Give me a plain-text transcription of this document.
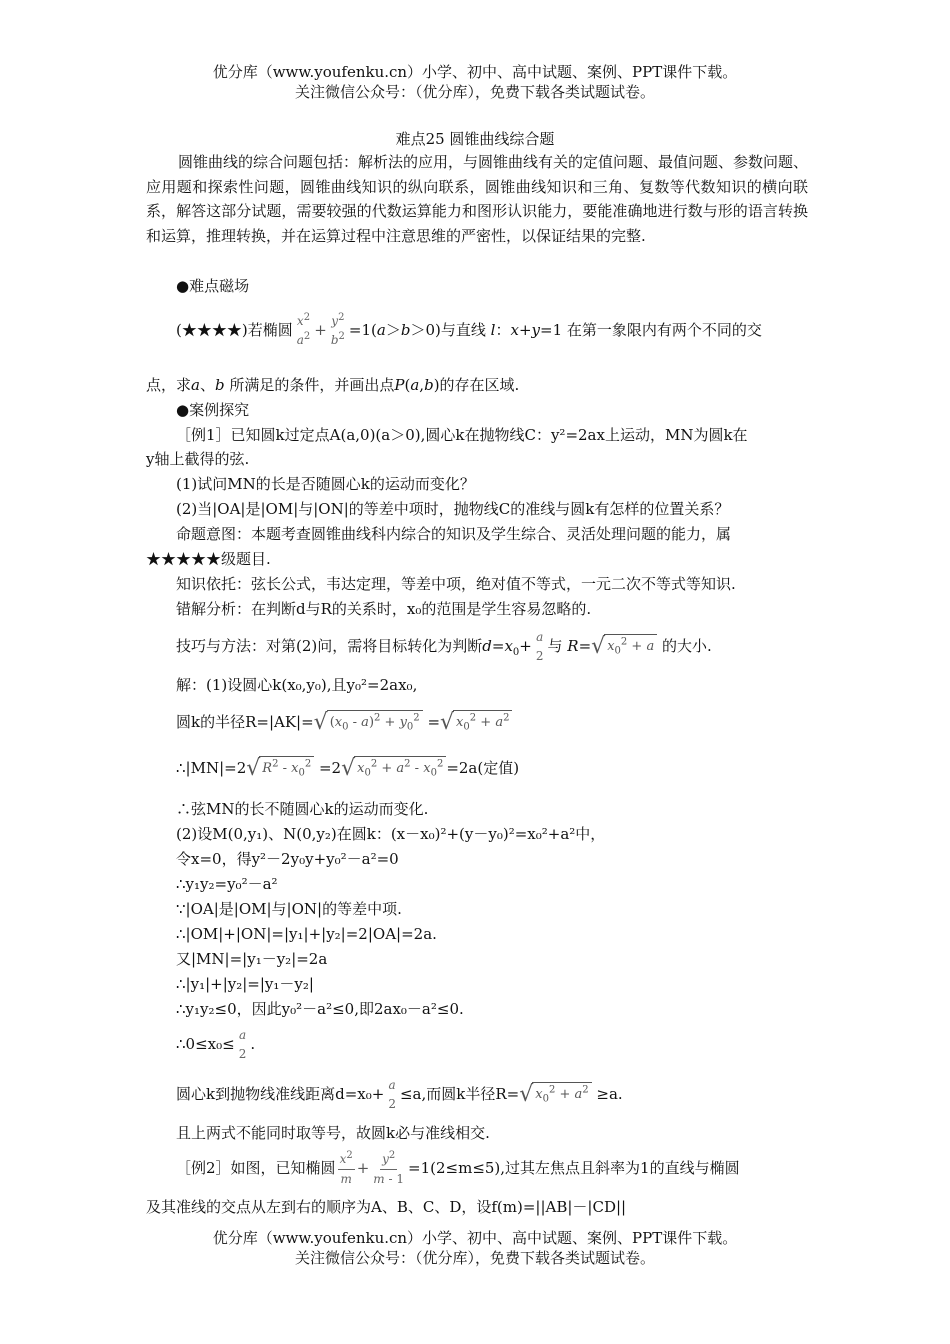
优分库（www.youfenku.cn）小学、初中、高中试题、案例、PPT课件下载。
关注微信公众号：（优分库），免费下载各类试题试卷。
难点25 圆锥曲线综合题
圆锥曲线的综合问题包括：解析法的应用，与圆锥曲线有关的定值问题、最值问题、参数问题、应用题和探索性问题，圆锥曲线知识的纵向联系，圆锥曲线知识和三角、复数等代数知识的横向联系，解答这部分试题，需要较强的代数运算能力和图形认识能力，要能准确地进行数与形的语言转换和运算，推理转换，并在运算过程中注意思维的严密性，以保证结果的完整.
●难点磁场
(★★★★)若椭圆 $x^2$
$a^2 + y^2$
$b^2 =1(a>b>0)$与直线 l：x+y=1 在第一象限内有两个不同的交
点，求a、b 所满足的条件，并画出点P(a,b)的存在区域.
●案例探究
［例1］已知圆k过定点A(a,0)(a＞0),圆心k在抛物线C：y²=2ax上运动，MN为圆k在
y轴上截得的弦.
(1)试问MN的长是否随圆心k的运动而变化？
(2)当|OA|是|OM|与|ON|的等差中项时，抛物线C的准线与圆k有怎样的位置关系？
命题意图：本题考查圆锥曲线科内综合的知识及学生综合、灵活处理问题的能力，属
★★★★★级题目.
知识依托：弦长公式，韦达定理，等差中项，绝对值不等式，一元二次不等式等知识.
错解分析：在判断d与R的关系时，x₀的范围是学生容易忽略的.
技巧与方法：对第(2)问，需将目标转化为判断$d=x_0+ a$
2
与 R= √ $x_0^2 + a$ 的大小.
解：(1)设圆心k(x₀,y₀),且y₀²=2ax₀,
圆k的半径R=|AK|= √ $(x_0 - a)^2 + y_0^2$ = √ $x_0^2 + a^2$
∴|MN|=2 √ $R^2 - x_0^2 =2$ √ $x_0^2 + a^2 - x_0^2 =2a$(定值)
∴弦MN的长不随圆心k的运动而变化.
(2)设M(0,y₁)、N(0,y₂)在圆k：(x－x₀)²+(y－y₀)²=x₀²+a²中，
令x=0，得y²－2y₀y+y₀²－a²=0
∴y₁y₂=y₀²－a²
∵|OA|是|OM|与|ON|的等差中项.
∴|OM|+|ON|=|y₁|+|y₂|=2|OA|=2a.
又|MN|=|y₁－y₂|=2a
∴|y₁|+|y₂|=|y₁－y₂|
∴y₁y₂≤0，因此y₀²－a²≤0,即2ax₀－a²≤0.
∴0≤x₀≤ a
2
.
圆心k到抛物线准线距离d=x₀+ a
2
≤a,而圆k半径R= √ $x_0^2 + a^2 \ge a$.
且上两式不能同时取等号，故圆k必与准线相交.
［例2］如图，已知椭圆 $\frac{x^2}{m} + \frac{y^2}{m - 1} =1(2\le m\le 5)$,过其左焦点且斜率为1的直线与椭圆
及其准线的交点从左到右的顺序为A、B、C、D，设f(m)=||AB|－|CD||
优分库（www.youfenku.cn）小学、初中、高中试题、案例、PPT课件下载。
关注微信公众号：（优分库），免费下载各类试题试卷。
